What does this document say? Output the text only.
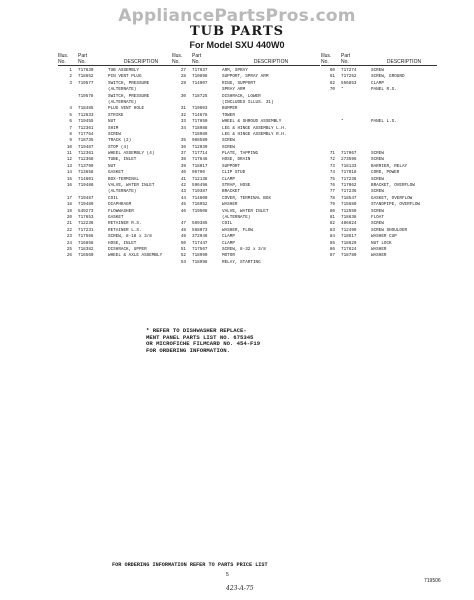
AppliancePartsPros.com
TUB PARTS
For Model SXU 440W0
Illus.
No.
Part
No.	DESCRIPTION
1	717630	TUB ASSEMBLY
2	718652	PIN VENT PLUG
3	719577	SWITCH, PRESSURE
(ALTERNATE)
719578	SWITCH, PRESSURE
(ALTERNATE)
4	718485	PLUG VENT HOLE
5	712633	STRIKE
6	719455	NUT
7	712361	SHIM
8	717764	SCREW
9	718735	TRACK (2)
10	719487	STOP (4)
11	712361	WHEEL ASSEMBLY (4)
12	712368	TUBE, INLET
13	713799	NUT
14	713658	GASKET
15	714601	BOX-TERMINAL
16	719486	VALVE, WATER INLET
(ALTERNATE)
17	719487	COIL
18	719489	DIAPHRAGM
19	549273	FLOWWASHER
20	717653	GASKET
21	712236	RETAINER R.S.
22	717231	RETAINER L.S.
23	717566	SCREW, 8-18 x 3/8
24	716858	HOSE, INLET
25	718382	DISHRACK, UPPER
26	716560	WHEEL & AXLE ASSEMBLY
Illus.
No.
Part
No.	DESCRIPTION
27	717637	ARM, SPRAY
28	710898	SUPPORT, SPRAY ARM
29	714907	RING, SUPPORT
SPRAY ARM
30	718725	DISHRACK, LOWER
(INCLUDES ILLUS. 31)
31	719603	BUMPER
32	714678	TOWER
33	717650	WHEEL & SHROUD ASSEMBLY
34	718988	LEG & HINGE ASSEMBLY L.H.
718989	LEG & HINGE ASSEMBLY R.H.
35	968580	SCREW
36	712039	SCREW
37	717714	PLATE, TAPPING
38	717646	HOSE, DRAIN
39	718017	SUPPORT
40	96790	CLIP STUD
41	712138	CLAMP
42	596498	STRAP, HOSE
43	719387	BRACKET
44	714600	COVER, TERMINAL BOX
45	716952	WASHER
46	719508	VALVE, WATER INLET
(ALTERNATE)
47	569385	COIL
48	568073	WASHER, FLOW
49	372946	CLAMP
50	717447	CLAMP
51	717567	SCREW, 8-32 x 3/8
52	718990	MOTOR
53	718998	RELAY, STARTING
Illus.
No.
Part
No.	DESCRIPTION
60	717274	SCREW
61	717252	SCREW, GROUND
62	556853	CLAMP
70	*	PANEL R.S.
*	PANEL L.S.
71	717067	SCREW
72	273596	SCREW
73	718133	BARRIER, RELAY
74	717018	CORD, POWER
75	717236	SCREW
76	717062	BRACKET, OVERFLOW
77	717236	SCREW
78	718547	GASKET, OVERFLOW
79	715680	STANDPIPE, OVERFLOW
80	712550	SCREW
81	718638	FLOAT
82	486624	SCREW
83	712499	SCREW SHOULDER
84	718617	WASHER CUP
85	718629	NUT LOCK
86	717624	WASHER
87	718780	WASHER
* REFER TO DISHWASHER REPLACE-
MENT PANEL PARTS LIST NO. 675345
OR MICROFICHE FILMCARD NO. 454-F19
FOR ORDERING INFORMATION.
FOR ORDERING INFORMATION REFER TO PARTS PRICE LIST
5
719506
423-A-75
